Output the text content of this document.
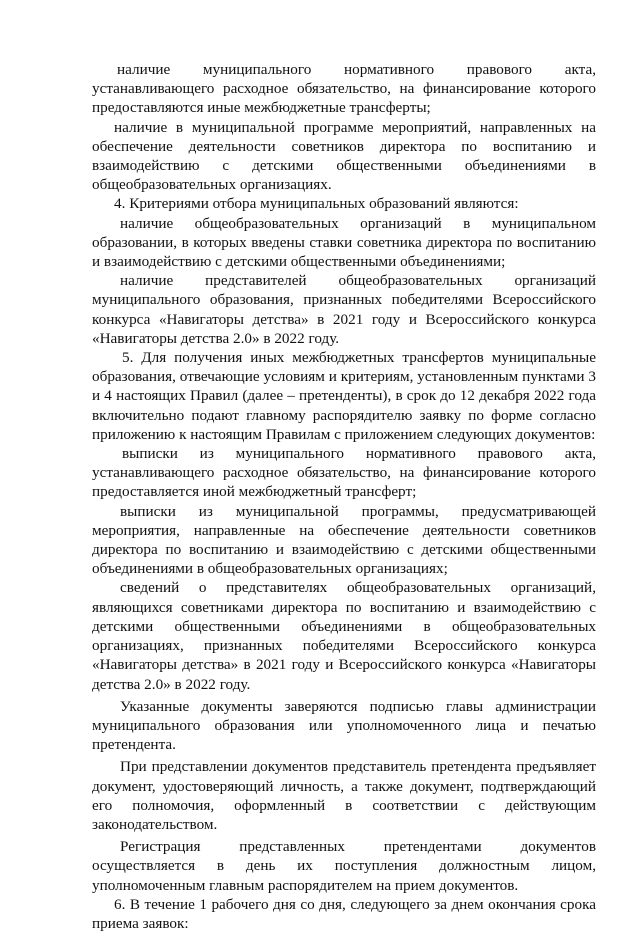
наличие муниципального нормативного правового акта, устанавливающего расходное обязательство, на финансирование которого предоставляются иные межбюджетные трансферты;

наличие в муниципальной программе мероприятий, направленных на обеспечение деятельности советников директора по воспитанию и взаимодействию с детскими общественными объединениями в общеобразовательных организациях.

4. Критериями отбора муниципальных образований являются:

наличие общеобразовательных организаций в муниципальном образовании, в которых введены ставки советника директора по воспитанию и взаимодействию с детскими общественными объединениями;

наличие представителей общеобразовательных организаций муниципального образования, признанных победителями Всероссийского конкурса «Навигаторы детства» в 2021 году и Всероссийского конкурса «Навигаторы детства 2.0» в 2022 году.

5. Для получения иных межбюджетных трансфертов муниципальные образования, отвечающие условиям и критериям, установленным пунктами 3 и 4 настоящих Правил (далее – претенденты), в срок до 12 декабря 2022 года включительно подают главному распорядителю заявку по форме согласно приложению к настоящим Правилам с приложением следующих документов:

выписки из муниципального нормативного правового акта, устанавливающего расходное обязательство, на финансирование которого предоставляется иной межбюджетный трансферт;

выписки из муниципальной программы, предусматривающей мероприятия, направленные на обеспечение деятельности советников директора по воспитанию и взаимодействию с детскими общественными объединениями в общеобразовательных организациях;

сведений о представителях общеобразовательных организаций, являющихся советниками директора по воспитанию и взаимодействию с детскими общественными объединениями в общеобразовательных организациях, признанных победителями Всероссийского конкурса «Навигаторы детства» в 2021 году и Всероссийского конкурса «Навигаторы детства 2.0» в 2022 году.

Указанные документы заверяются подписью главы администрации муниципального образования или уполномоченного лица и печатью претендента.

При представлении документов представитель претендента предъявляет документ, удостоверяющий личность, а также документ, подтверждающий его полномочия, оформленный в соответствии с действующим законодательством.

Регистрация представленных претендентами документов осуществляется в день их поступления должностным лицом, уполномоченным главным распорядителем на прием документов.

6. В течение 1 рабочего дня со дня, следующего за днем окончания срока приема заявок:
